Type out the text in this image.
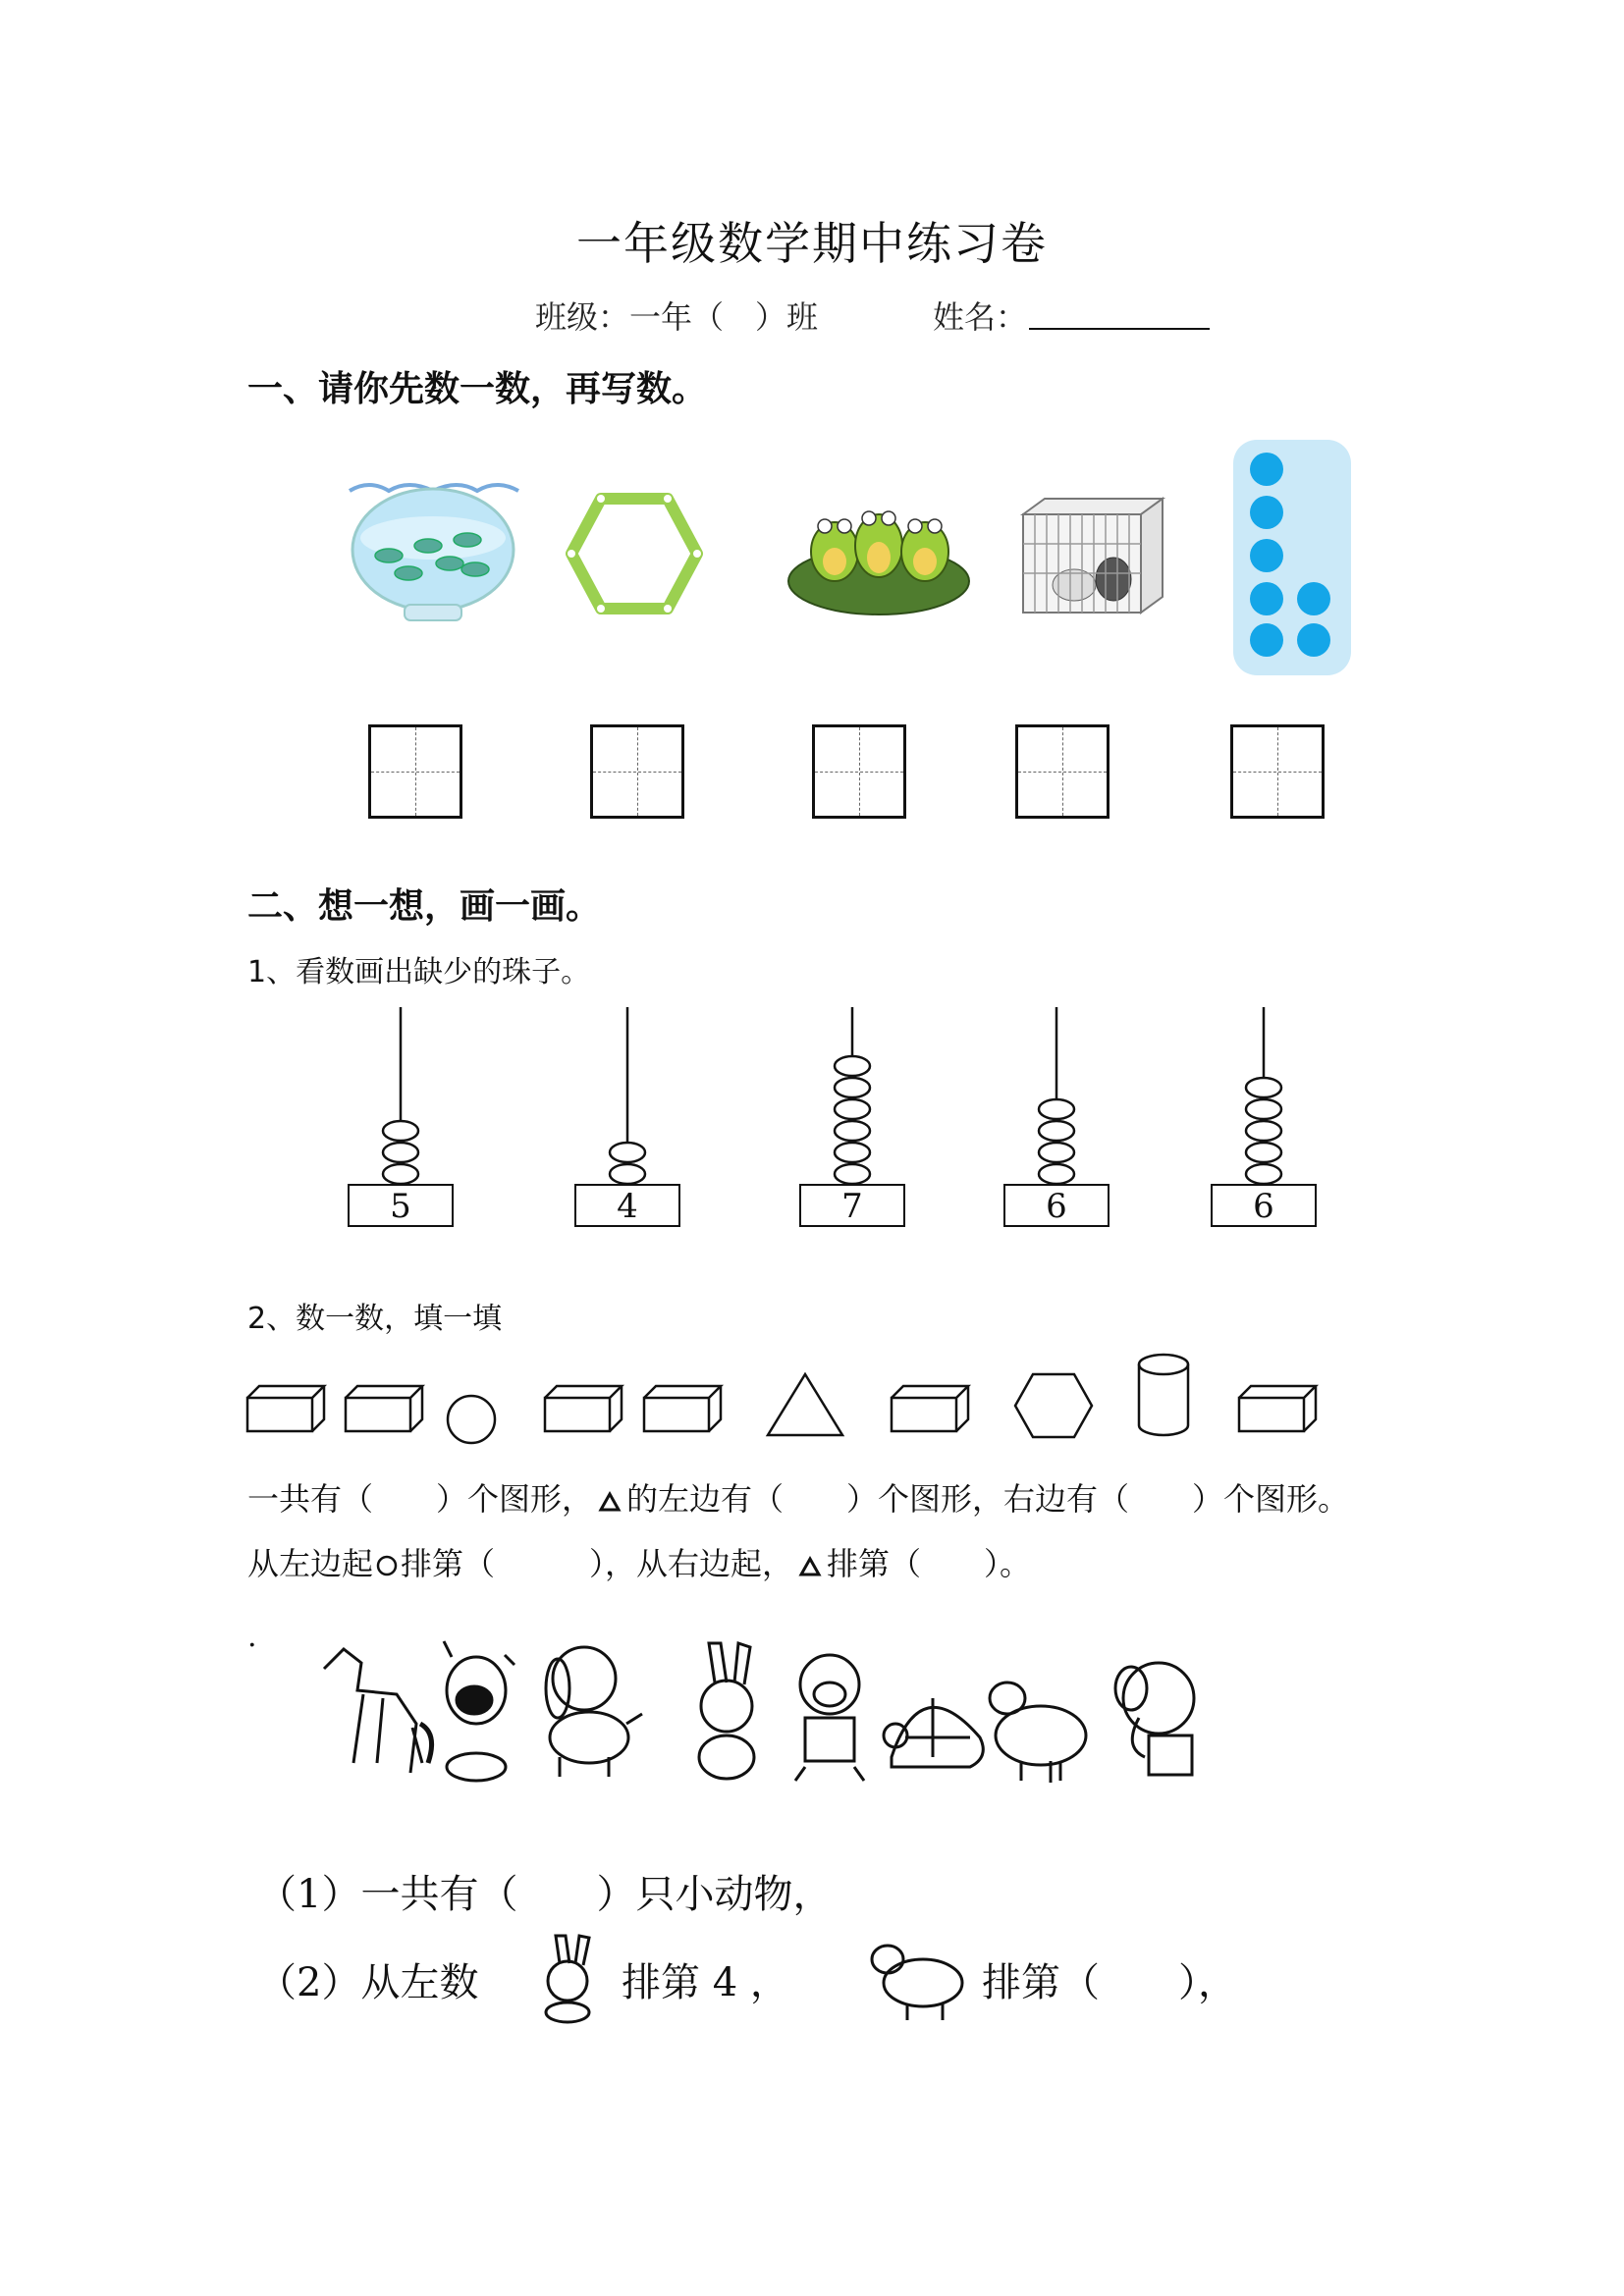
一年级数学期中练习卷
班级：一年（　）班	姓名：
一、请你先数一数，再写数。
二、想一想，画一画。
1、看数画出缺少的珠子。
5	4	7	6	6
2、数一数，填一填
一共有（　　）个图形， 的左边有（　　）个图形，右边有（　　）个图形。
从左边起 排第（　　　），从右边起， 排第（　　）。
.
（1）一共有（　　）只小动物，
（2）从左数	排第 4 ，	排第（　　），
